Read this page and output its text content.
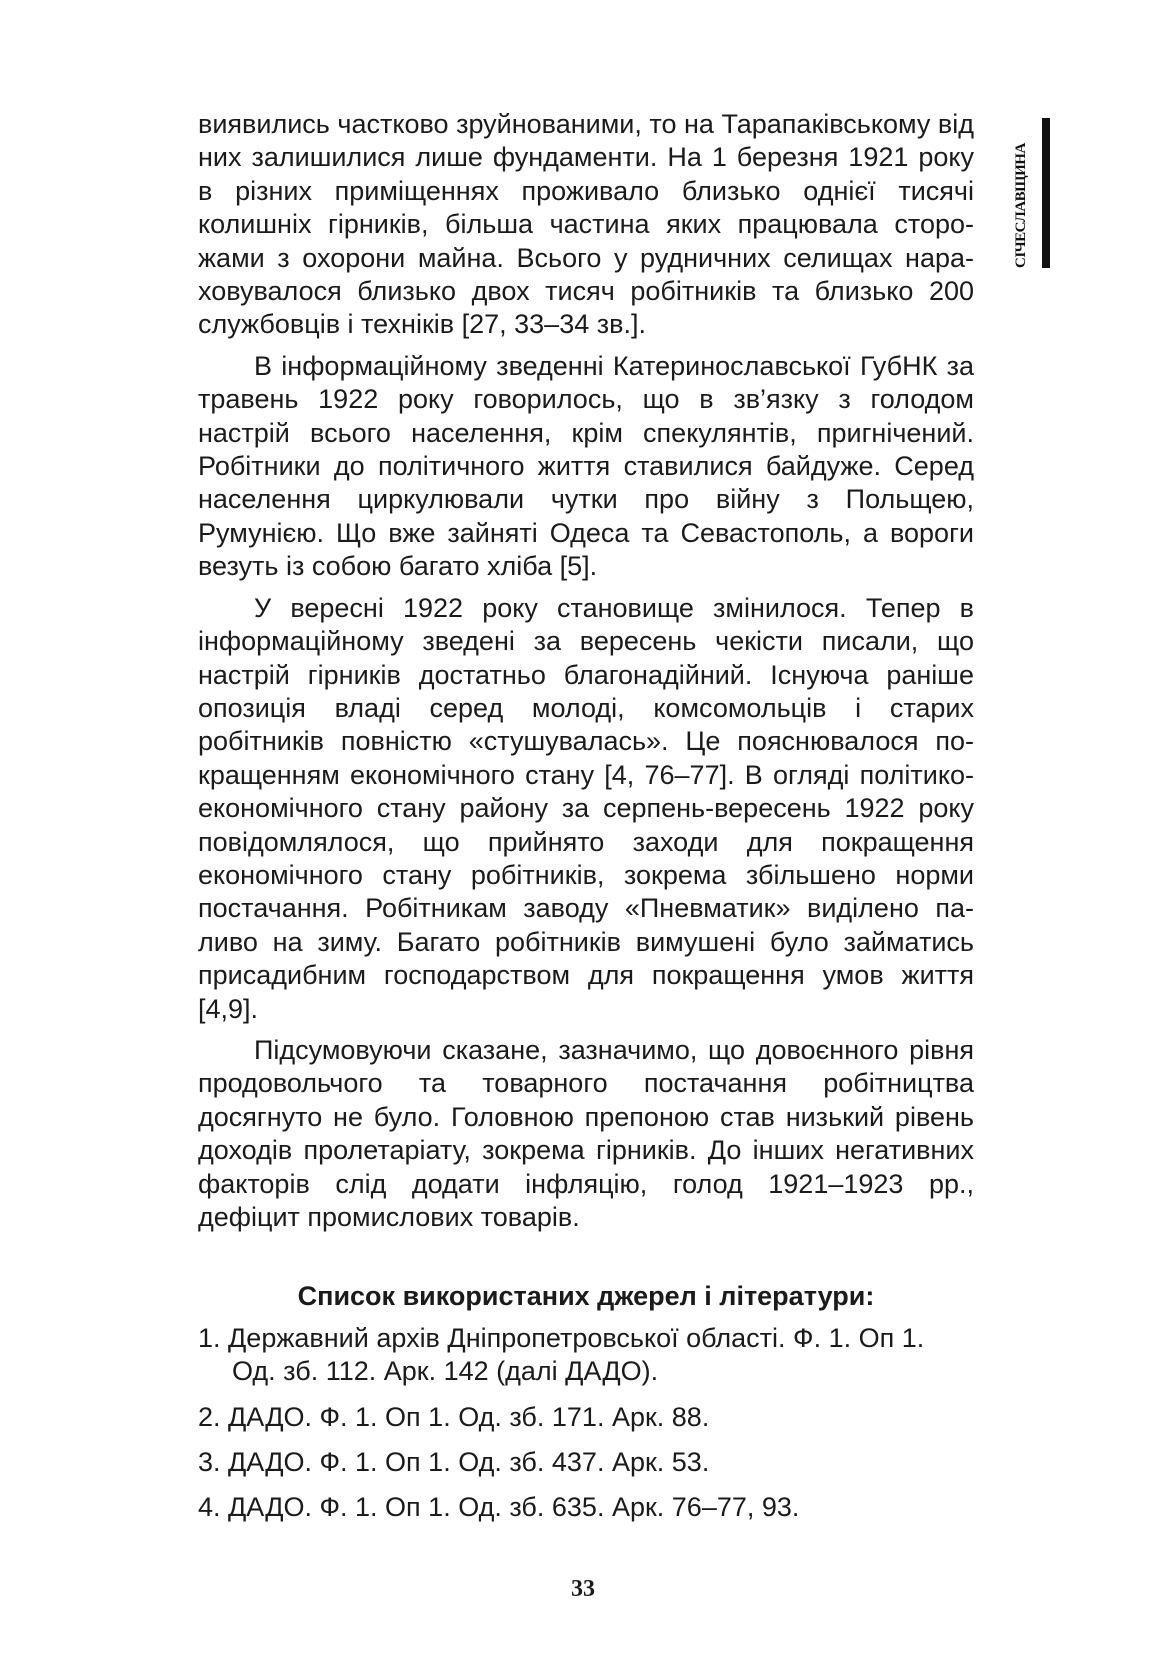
СІЧЕСЛАВЩИНА

виявились частково зруйнованими, то на Тарапаківському від них залишилися лише фундаменти. На 1 березня 1921 року в різних приміщеннях проживало близько однієї тисячі колишніх гірників, більша частина яких працювала сторожами з охорони майна. Всього у рудничних селищах нараховувалося близько двох тисяч робітників та близько 200 службовців і техніків [27, 33–34 зв.].

В інформаційному зведенні Катеринославської ГубНК за травень 1922 року говорилось, що в зв’язку з голодом настрій всього населення, крім спекулянтів, пригнічений. Робітники до політичного життя ставилися байдуже. Серед населення циркулювали чутки про війну з Польщею, Румунією. Що вже зайняті Одеса та Севастополь, а вороги везуть із собою багато хліба [5].

У вересні 1922 року становище змінилося. Тепер в інформаційному зведені за вересень чекісти писали, що настрій гірників достатньо благонадійний. Існуюча раніше опозиція владі серед молоді, комсомольців і старих робітників повністю «стушувалась». Це пояснювалося покращенням економічного стану [4, 76–77]. В огляді політико-економічного стану району за серпень-вересень 1922 року повідомлялося, що прийнято заходи для покращення економічного стану робітників, зокрема збільшено норми постачання. Робітникам заводу «Пневматик» виділено паливо на зиму. Багато робітників вимушені було займатись присадибним господарством для покращення умов життя [4,9].

Підсумовуючи сказане, зазначимо, що довоєнного рівня продовольчого та товарного постачання робітництва досягнуто не було. Головною препоною став низький рівень доходів пролетаріату, зокрема гірників. До інших негативних факторів слід додати інфляцію, голод 1921–1923 рр., дефіцит промислових товарів.

Список використаних джерел і літератури:
1. Державний архів Дніпропетровської області. Ф. 1. Оп 1. Од. зб. 112. Арк. 142 (далі ДАДО).
2. ДАДО. Ф. 1. Оп 1. Од. зб. 171. Арк. 88.
3. ДАДО. Ф. 1. Оп 1. Од. зб. 437. Арк. 53.
4. ДАДО. Ф. 1. Оп 1. Од. зб. 635. Арк. 76–77, 93.
33
